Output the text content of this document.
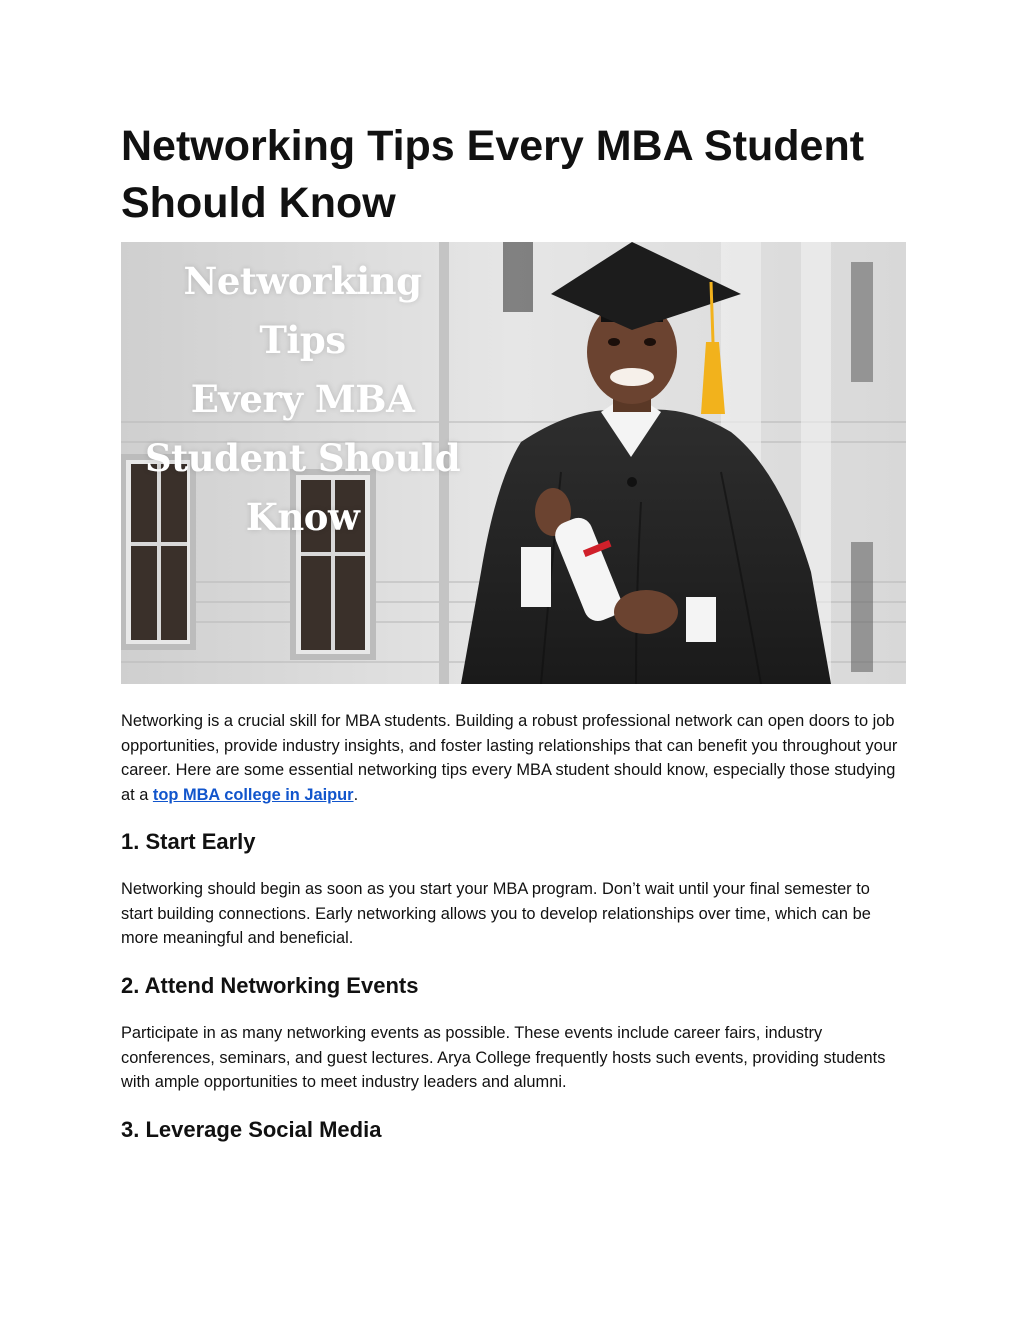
Networking Tips Every MBA Student Should Know
Networking Tips
Every MBA
Student Should
Know

Networking is a crucial skill for MBA students. Building a robust professional network can open doors to job opportunities, provide industry insights, and foster lasting relationships that can benefit you throughout your career. Here are some essential networking tips every MBA student should know, especially those studying at a top MBA college in Jaipur.

1. Start Early

Networking should begin as soon as you start your MBA program. Don’t wait until your final semester to start building connections. Early networking allows you to develop relationships over time, which can be more meaningful and beneficial.

2. Attend Networking Events

Participate in as many networking events as possible. These events include career fairs, industry conferences, seminars, and guest lectures. Arya College frequently hosts such events, providing students with ample opportunities to meet industry leaders and alumni.

3. Leverage Social Media
